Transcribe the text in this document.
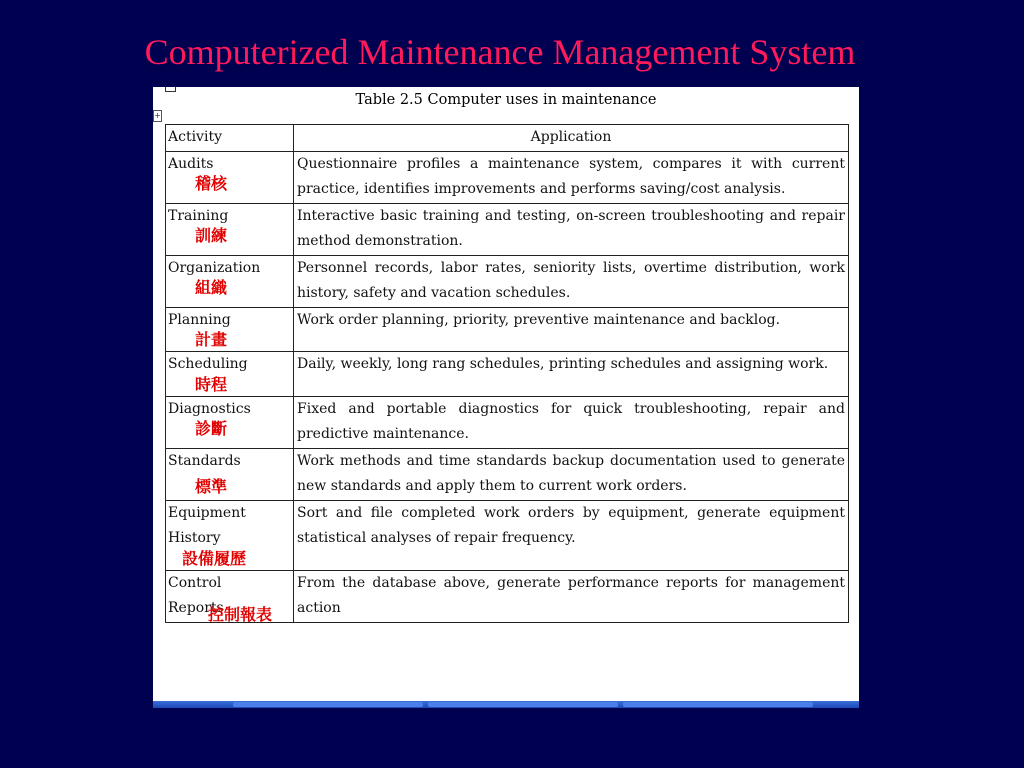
Computerized Maintenance Management System
+
Table 2.5 Computer uses in maintenance
Activity	Application
Audits
稽核	Questionnaire profiles a maintenance system, compares it with current practice, identifies improvements and performs saving/cost analysis.
Training
訓練	Interactive basic training and testing, on-screen troubleshooting and repair method demonstration.
Organization
組織	Personnel records, labor rates, seniority lists, overtime distribution, work history, safety and vacation schedules.
Planning
計畫	Work order planning, priority, preventive maintenance and backlog.
Scheduling
時程	Daily, weekly, long rang schedules, printing schedules and assigning work.
Diagnostics
診斷	Fixed and portable diagnostics for quick troubleshooting, repair and predictive maintenance.
Standards
標準	Work methods and time standards backup documentation used to generate new standards and apply them to current work orders.
Equipment
History
設備履歷	Sort and file completed work orders by equipment, generate equipment statistical analyses of repair frequency.
Control
Reports
控制報表	From the database above, generate performance reports for management action
